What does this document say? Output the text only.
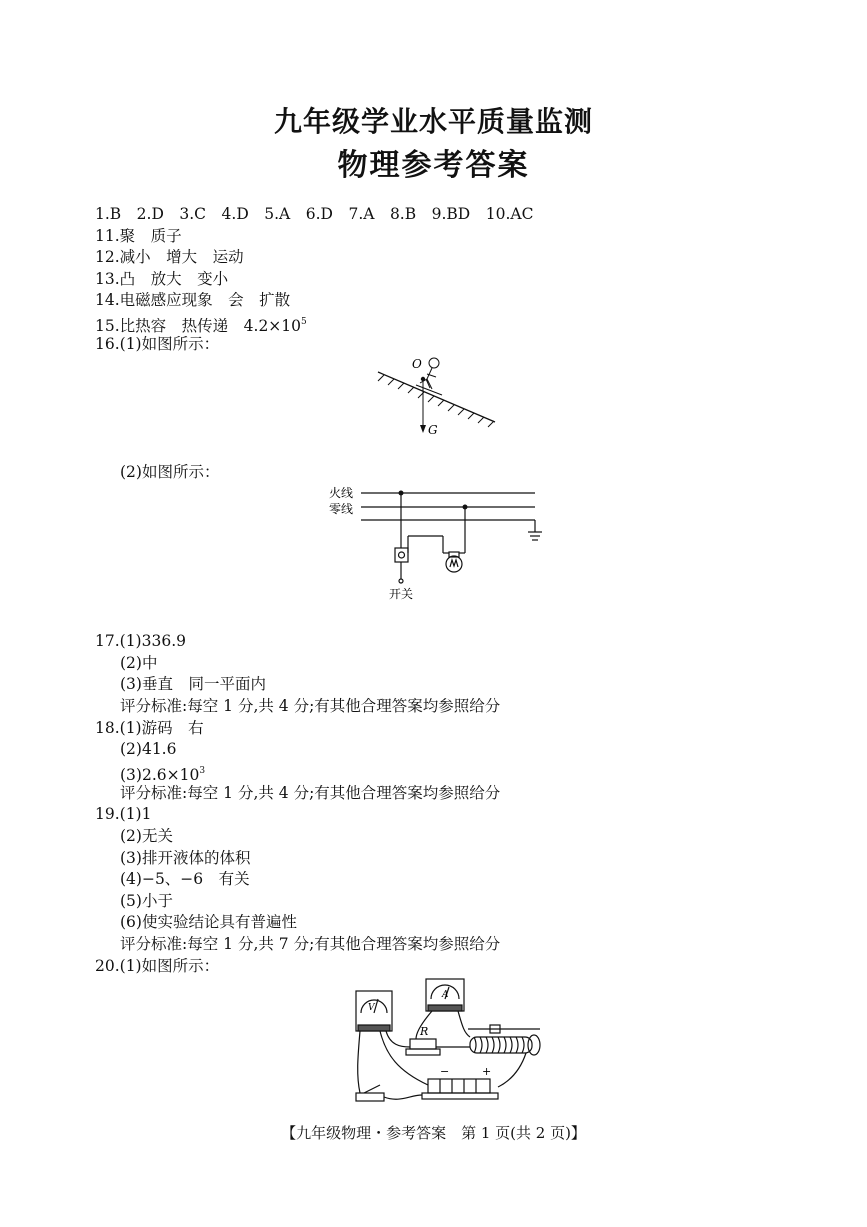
九年级学业水平质量监测
物理参考答案
1.B　2.D　3.C　4.D　5.A　6.D　7.A　8.B　9.BD　10.AC
11.聚　质子
12.减小　增大　运动
13.凸　放大　变小
14.电磁感应现象　会　扩散
15.比热容　热传递　$4.2\times 10^5$
16.(1)如图所示：
O
G
(2)如图所示：
火线
零线
开关
17.(1)336.9
(2)中
(3)垂直　同一平面内
评分标准:每空 1 分,共 4 分;有其他合理答案均参照给分
18.(1)游码　右
(2)41.6
$(3)2.6\times 10^3$
评分标准:每空 1 分,共 4 分;有其他合理答案均参照给分
19.(1)1
(2)无关
(3)排开液体的体积
(4)−5、−6　有关
(5)小于
(6)使实验结论具有普遍性
评分标准:每空 1 分,共 7 分;有其他合理答案均参照给分
20.(1)如图所示：
V
A
R
−	+
【九年级物理・参考答案　第 1 页(共 2 页)】
